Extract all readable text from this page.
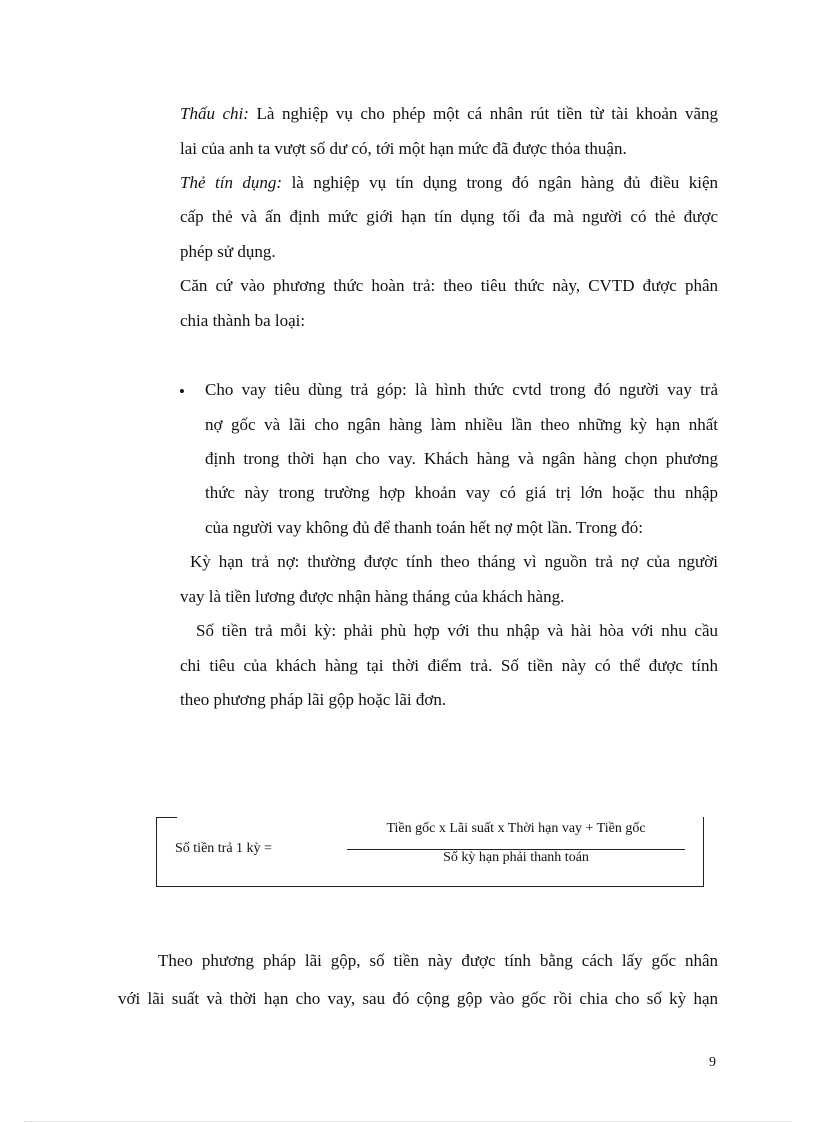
Thấu chi: Là nghiệp vụ cho phép một cá nhân rút tiền từ tài khoản vãng
lai của anh ta vượt số dư có, tới một hạn mức đã được thỏa thuận.
Thẻ tín dụng: là nghiệp vụ tín dụng trong đó ngân hàng đủ điều kiện
cấp thẻ và ấn định mức giới hạn tín dụng tối đa mà người có thẻ được
phép sử dụng.
Căn cứ vào phương thức hoàn trả: theo tiêu thức này, CVTD được phân
chia thành ba loại:
• Cho vay tiêu dùng trả góp: là hình thức cvtd trong đó người vay trả
nợ gốc và lãi cho ngân hàng làm nhiều lần theo những kỳ hạn nhất
định trong thời hạn cho vay. Khách hàng và ngân hàng chọn phương
thức này trong trường hợp khoản vay có giá trị lớn hoặc thu nhập
của người vay không đủ để thanh toán hết nợ một lần. Trong đó:
Kỳ hạn trả nợ: thường được tính theo tháng vì nguồn trả nợ của người
vay là tiền lương được nhận hàng tháng của khách hàng.
Số tiền trả mỗi kỳ: phải phù hợp với thu nhập và hài hòa với nhu cầu
chi tiêu của khách hàng tại thời điểm trả. Số tiền này có thể được tính
theo phương pháp lãi gộp hoặc lãi đơn.
Số tiền trả 1 kỳ =
Tiền gốc x Lãi suất x Thời hạn vay + Tiền gốc
Số kỳ hạn phải thanh toán
Theo phương pháp lãi gộp, số tiền này được tính bằng cách lấy gốc nhân
với lãi suất và thời hạn cho vay, sau đó cộng gộp vào gốc rồi chia cho số kỳ hạn
9
